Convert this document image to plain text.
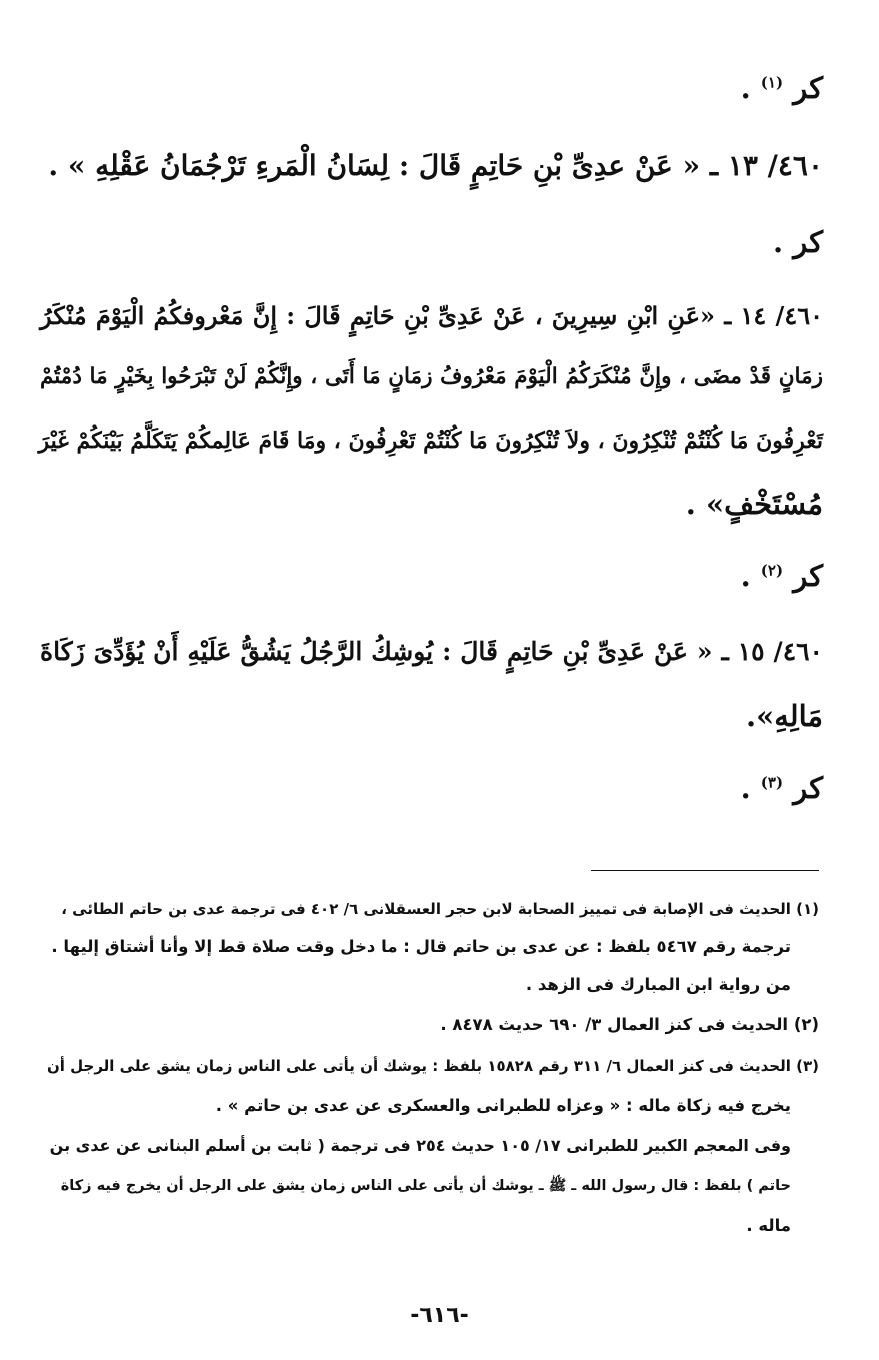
كر $^{(١)}$ .
٤٦٠/ ١٣ ـ « عَنْ عدِىِّ بْنِ حَاتِمٍ قَالَ : لِسَانُ الْمَرءِ تَرْجُمَانُ عَقْلِهِ » .
كر .
٤٦٠/ ١٤ ـ «عَنِ ابْنِ سِيرِينَ ، عَنْ عَدِىِّ بْنِ حَاتِمٍ قَالَ : إِنَّ مَعْروفكُمُ الْيَوْمَ مُنْكَرُ
زمَانٍ قَدْ مضَى ، وإِنَّ مُنْكَرَكُمُ الْيَوْمَ مَعْرُوفُ زمَانٍ مَا أَتَى ، وإِنَّكُمْ لَنْ تَبْرَحُوا بِخَيْرٍ مَا دُمْتُمْ
تَعْرِفُونَ مَا كُنْتُمْ تُنْكِرُونَ ، ولاَ تُنْكِرُونَ مَا كُنْتُمْ تَعْرِفُونَ ، ومَا قَامَ عَالِمكُمْ يَتَكَلَّمُ بَيْنَكُمْ غَيْرَ
مُسْتَخْفٍ» .
كر $^{(٢)}$ .
٤٦٠/ ١٥ ـ « عَنْ عَدِىِّ بْنِ حَاتِمٍ قَالَ : يُوشِكُ الرَّجُلُ يَشُقُّ عَلَيْهِ أَنْ يُؤَدِّىَ زَكَاةَ
مَالِهِ».
كر $^{(٣)}$ .
(١) الحديث فى الإصابة فى تمييز الصحابة لابن حجر العسقلانى ٦/ ٤٠٢ فى ترجمة عدى بن حاتم الطائى ،
ترجمة رقم ٥٤٦٧ بلفظ : عن عدى بن حاتم قال : ما دخل وقت صلاة قط إلا وأنا أشتاق إليها .
من رواية ابن المبارك فى الزهد .
(٢) الحديث فى كنز العمال ٣/ ٦٩٠ حديث ٨٤٧٨ .
(٣) الحديث فى كنز العمال ٦/ ٣١١ رقم ١٥٨٢٨ بلفظ : يوشك أن يأتى على الناس زمان يشق على الرجل أن
يخرج فيه زكاة ماله : « وعزاه للطبرانى والعسكرى عن عدى بن حاتم » .
وفى المعجم الكبير للطبرانى ١٧/ ١٠٥ حديث ٢٥٤ فى ترجمة ( ثابت بن أسلم البنانى عن عدى بن
حاتم ) بلفظ : قال رسول الله ـ ﷺ ـ يوشك أن يأتى على الناس زمان يشق على الرجل أن يخرج فيه زكاة
ماله .
-٦١٦-
